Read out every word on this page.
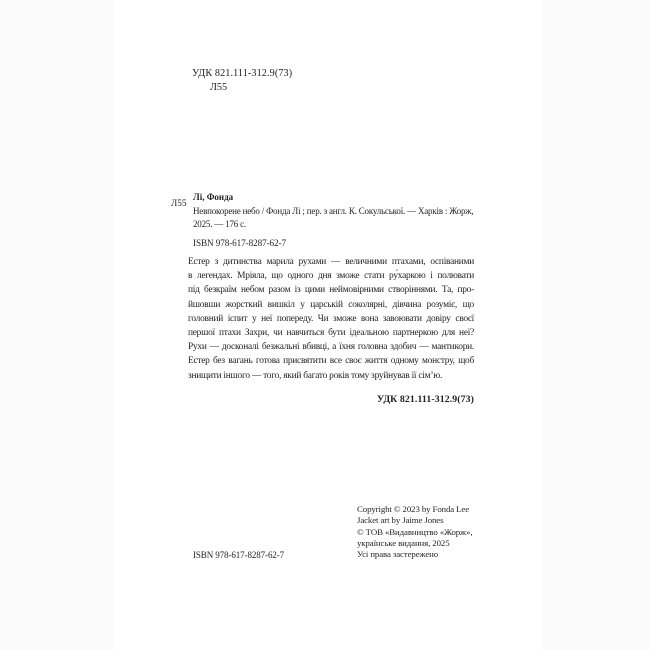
УДК 821.111-312.9(73)
Л55
Л55
Лі, Фонда
Невпокорене небо / Фонда Лі ; пер. з англ. К. Сокульської. — Харків : Жорж,
2025. — 176 с.
ISBN 978-617-8287-62-7
Естер з дитинства марила рухами — величними птахами, оспіваними
в легендах. Мріяла, що одного дня зможе стати ру́харкою і полювати
під безкраїм небом разом із цими неймовірними створіннями. Та, про-
йшовши жорсткий вишкіл у царській соколярні, дівчина розуміє, що
головний іспит у неї попереду. Чи зможе вона завоювати довіру своєї
першої птахи Захри, чи навчиться бути ідеальною партнеркою для неї?
Рухи — досконалі безжальні вбивці, а їхня головна здобич — мантикори.
Естер без вагань готова присвятити все своє життя одному монстру, щоб
знищити іншого — того, який багато років тому зруйнував її сім’ю.
УДК 821.111-312.9(73)
Copyright © 2023 by Fonda Lee
Jacket art by Jaime Jones
© ТОВ «Видавництво «Жорж»,
українське видання, 2025
Усі права застережено
ISBN 978-617-8287-62-7
